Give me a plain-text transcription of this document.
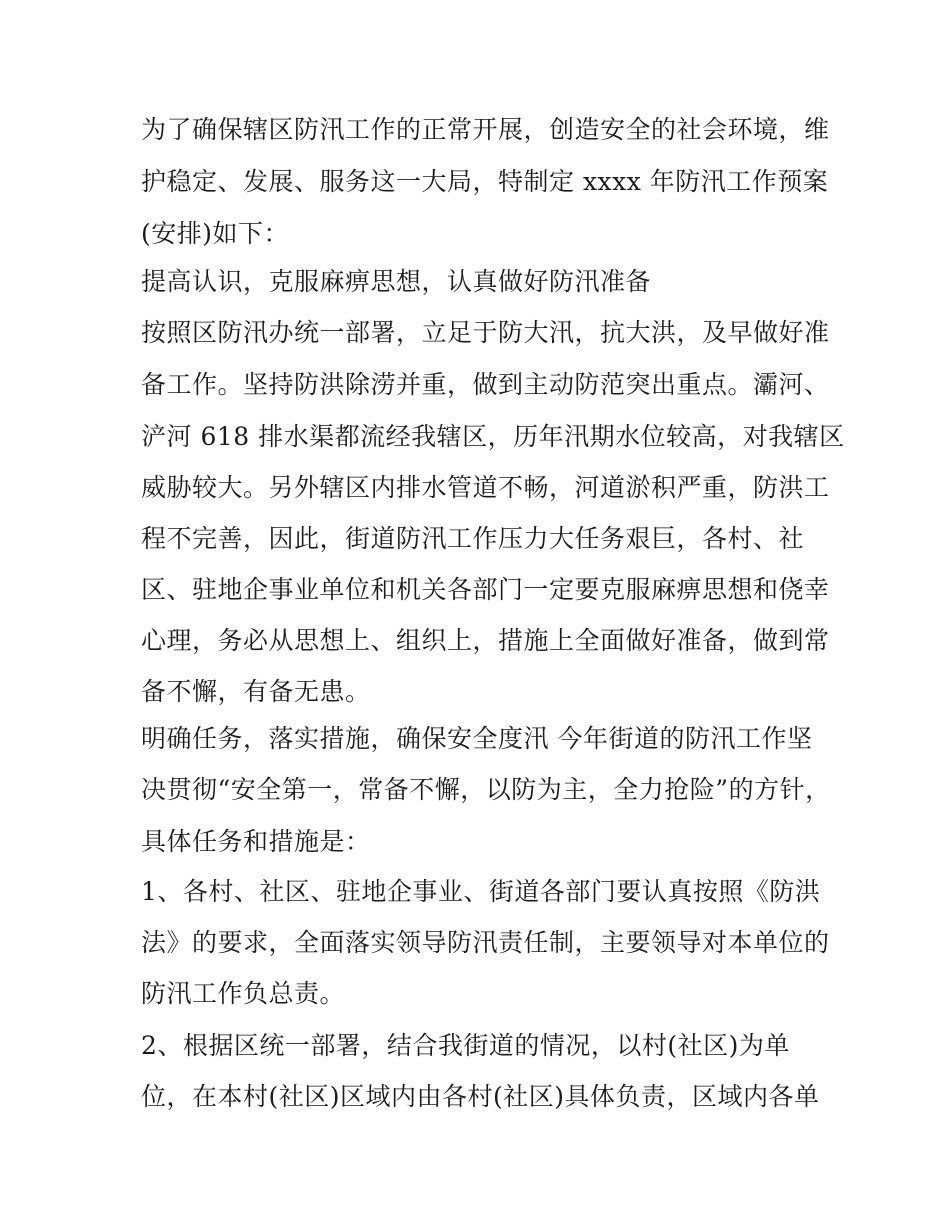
为了确保辖区防汛工作的正常开展，创造安全的社会环境，维
护稳定、发展、服务这一大局，特制定 xxxx 年防汛工作预案
(安排)如下：
提高认识，克服麻痹思想，认真做好防汛准备
按照区防汛办统一部署，立足于防大汛，抗大洪，及早做好准
备工作。坚持防洪除涝并重，做到主动防范突出重点。灞河、
浐河 618 排水渠都流经我辖区，历年汛期水位较高，对我辖区
威胁较大。另外辖区内排水管道不畅，河道淤积严重，防洪工
程不完善，因此，街道防汛工作压力大任务艰巨，各村、社
区、驻地企事业单位和机关各部门一定要克服麻痹思想和侥幸
心理，务必从思想上、组织上，措施上全面做好准备，做到常
备不懈，有备无患。
明确任务，落实措施，确保安全度汛 今年街道的防汛工作坚
决贯彻“安全第一，常备不懈，以防为主，全力抢险”的方针，
具体任务和措施是：
1、各村、社区、驻地企事业、街道各部门要认真按照《防洪
法》的要求，全面落实领导防汛责任制，主要领导对本单位的
防汛工作负总责。
2、根据区统一部署，结合我街道的情况，以村(社区)为单
位，在本村(社区)区域内由各村(社区)具体负责，区域内各单
